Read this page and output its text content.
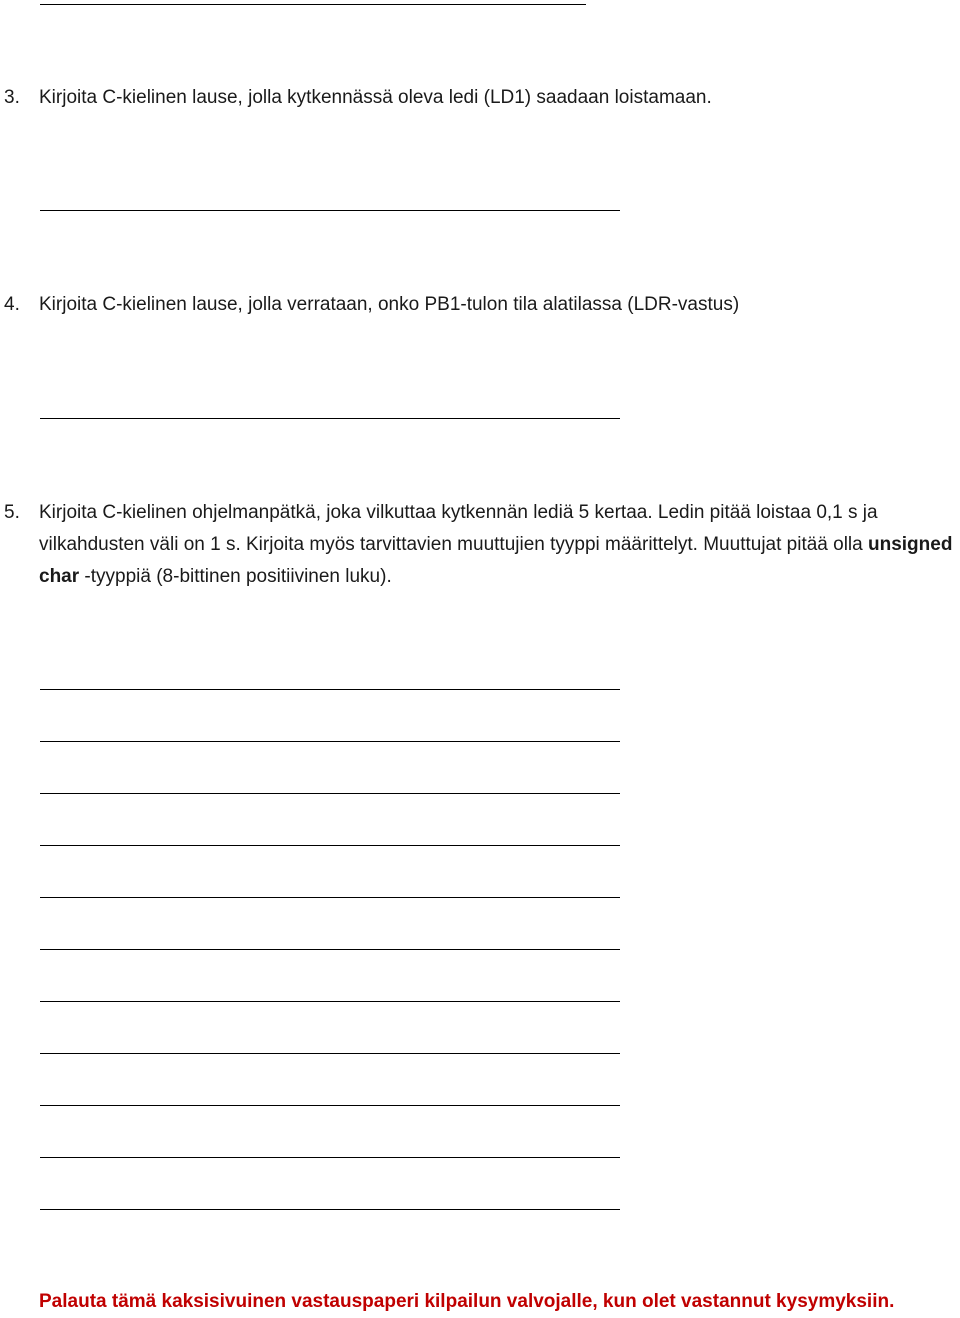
3. Kirjoita C-kielinen lause, jolla kytkennässä oleva ledi (LD1) saadaan loistamaan.
4. Kirjoita C-kielinen lause, jolla verrataan, onko PB1-tulon tila alatilassa (LDR-vastus)
5. Kirjoita C-kielinen ohjelmanpätkä, joka vilkuttaa kytkennän lediä 5 kertaa. Ledin pitää loistaa 0,1 s ja vilkahdusten väli on 1 s. Kirjoita myös tarvittavien muuttujien tyyppi määrittelyt. Muuttujat pitää olla unsigned char -tyyppiä (8-bittinen positiivinen luku).
Palauta tämä kaksisivuinen vastauspaperi kilpailun valvojalle, kun olet vastannut kysymyksiin.
